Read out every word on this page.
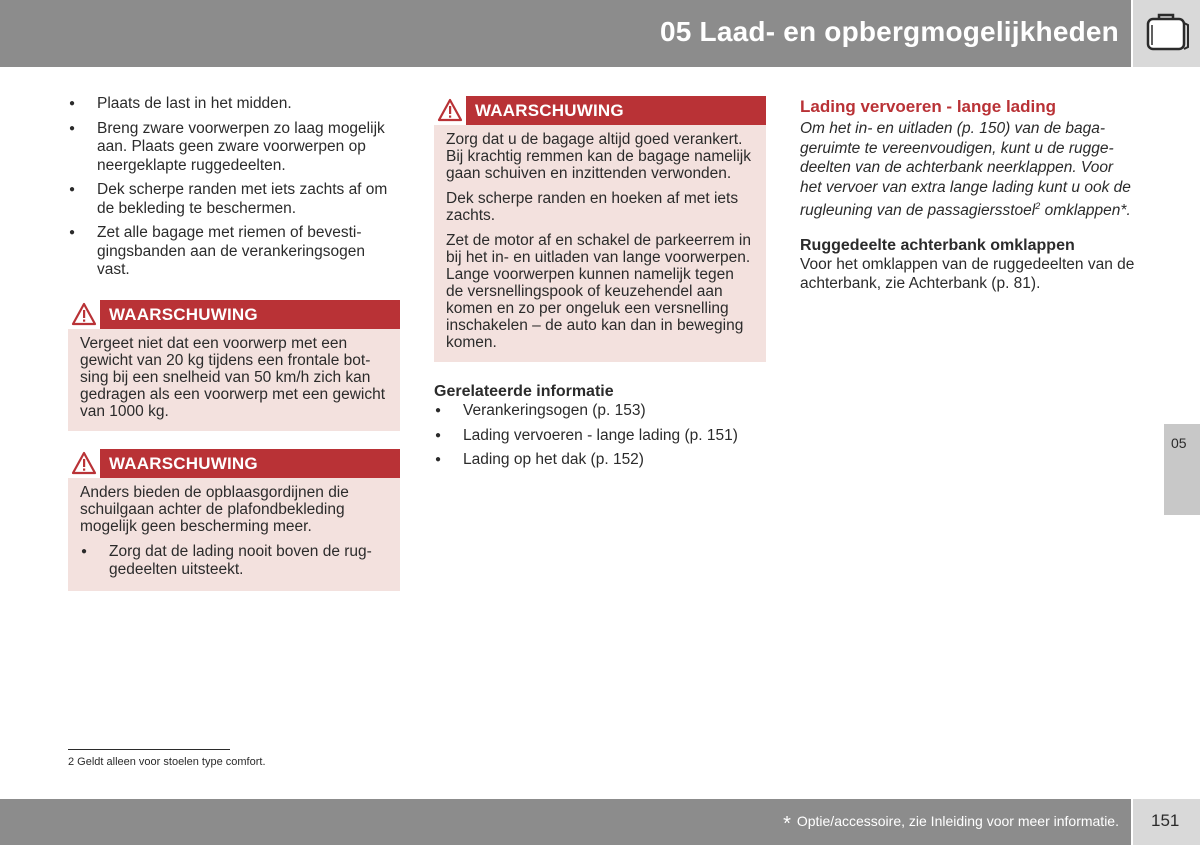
05 Laad- en opbergmogelijkheden
05
● Plaats de last in het midden.
● Breng zware voorwerpen zo laag mogelijk aan. Plaats geen zware voorwerpen op neergeklapte ruggedeelten.
● Dek scherpe randen met iets zachts af om de bekleding te beschermen.
● Zet alle bagage met riemen of bevestigingsbanden aan de verankeringsogen vast.
WAARSCHUWING

Vergeet niet dat een voorwerp met een gewicht van 20 kg tijdens een frontale botsing bij een snelheid van 50 km/h zich kan gedragen als een voorwerp met een gewicht van 1000 kg.

WAARSCHUWING

Anders bieden de opblaasgordijnen die schuilgaan achter de plafondbekleding mogelijk geen bescherming meer.

● Zorg dat de lading nooit boven de ruggedeelten uitsteekt.
WAARSCHUWING

Zorg dat u de bagage altijd goed verankert. Bij krachtig remmen kan de bagage namelijk gaan schuiven en inzittenden verwonden.

Dek scherpe randen en hoeken af met iets zachts.

Zet de motor af en schakel de parkeerrem in bij het in- en uitladen van lange voorwerpen. Lange voorwerpen kunnen namelijk tegen de versnellingspook of keuzehendel aan komen en zo per ongeluk een versnelling inschakelen – de auto kan dan in beweging komen.

Gerelateerde informatie
● Verankeringsogen (p. 153)
● Lading vervoeren - lange lading (p. 151)
● Lading op het dak (p. 152)
Lading vervoeren - lange lading
Om het in- en uitladen (p. 150) van de bagageruimte te vereenvoudigen, kunt u de ruggedeelten van de achterbank neerklappen. Voor het vervoer van extra lange lading kunt u ook de rugleuning van de passagiersstoel$^2$ omklappen*.
Ruggedeelte achterbank omklappen
Voor het omklappen van de ruggedeelten van de achterbank, zie Achterbank (p. 81).
2 Geldt alleen voor stoelen type comfort.
* Optie/accessoire, zie Inleiding voor meer informatie. 151
